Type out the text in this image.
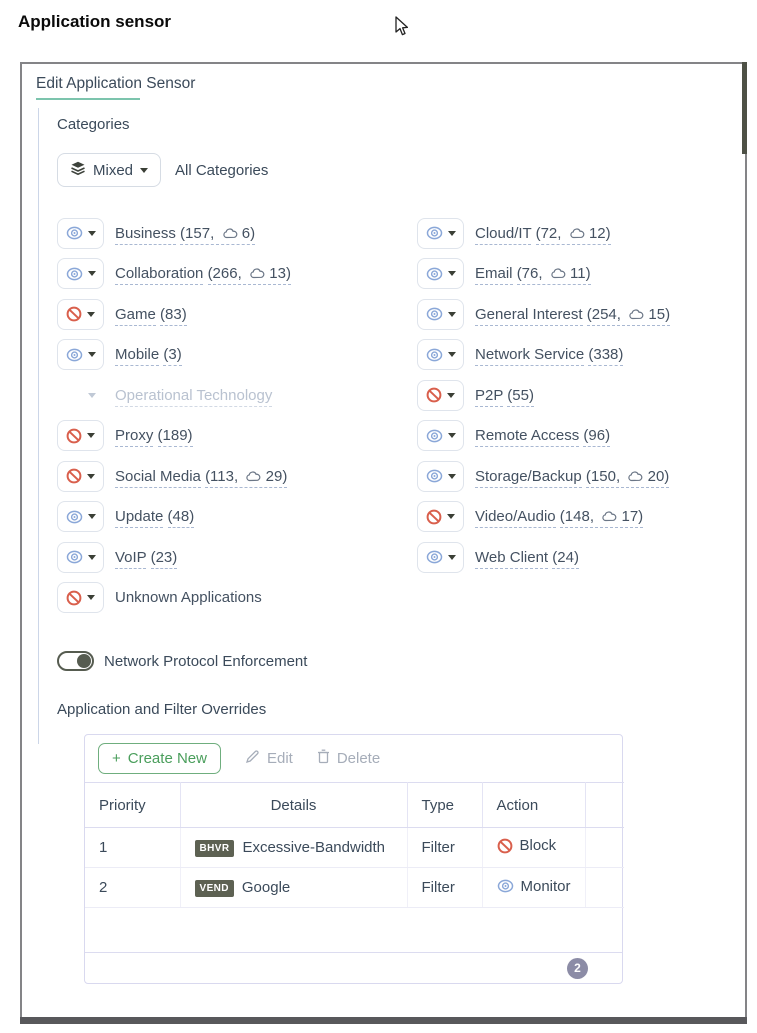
Application sensor
Edit Application Sensor
Categories
Mixed	All Categories
Business (157,   6)	Cloud/IT (72,   12)
Collaboration (266,   13)	Email (76,   11)
Game (83)	General Interest (254,   15)
Mobile (3)	Network Service (338)
Operational Technology	P2P (55)
Proxy (189)	Remote Access (96)
Social Media (113,   29)	Storage/Backup (150,   20)
Update (48)	Video/Audio (148,   17)
VoIP (23)	Web Client (24)
Unknown Applications
Network Protocol Enforcement
Application and Filter Overrides
+ Create New	Edit	Delete
Priority	Details	Type	Action	
1	BHVR Excessive-Bandwidth	Filter	Block	

2	VEND Google	Filter	Monitor	

2
